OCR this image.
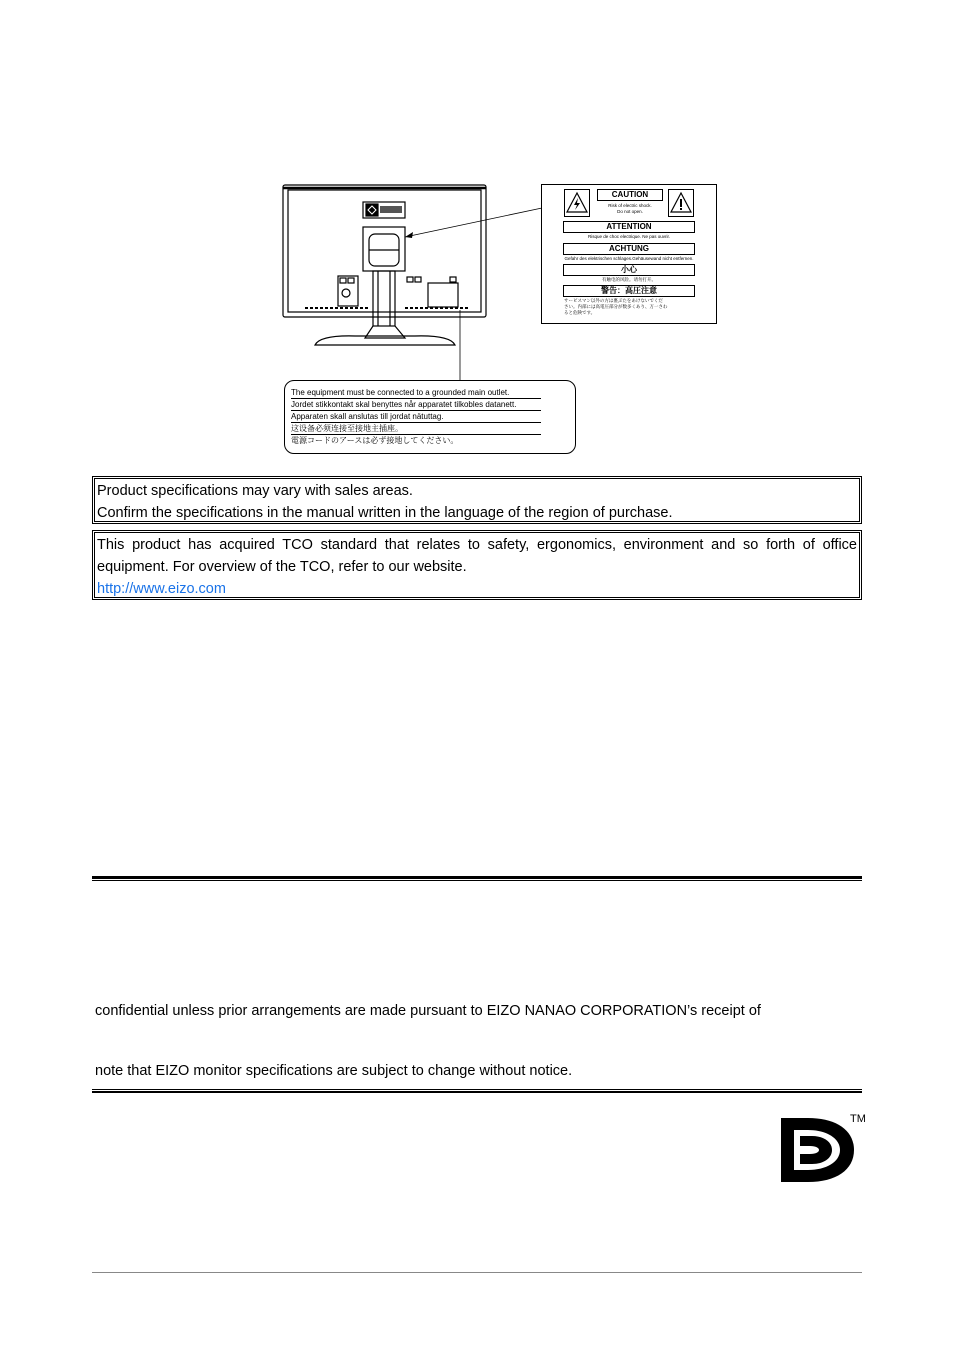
CAUTION
Risk of electric shock.
Do not open.
ATTENTION
Risque de choc electrique. Ne pas ouvrir.
ACHTUNG
Gefahr des elektrischen schlages.Gehäusewand nicht entfernen.
小心
有触电的风险。请勿打开。
警告：高圧注意
サービスマン以外の方は裏ぶたをあけないでくだ
さい。内部には高電圧部分が数多くあり、万一さわ
ると危険です。
The equipment must be connected to a grounded main outlet.
Jordet stikkontakt skal benyttes når apparatet tilkobles datanett.
Apparaten skall anslutas till jordat nätuttag.
这设备必须连接至接地主插座。
電源コードのアースは必ず接地してください。

Product specifications may vary with sales areas.

Confirm the specifications in the manual written in the language of the region of purchase.

This product has acquired TCO standard that relates to safety, ergonomics, environment and so forth of office equipment. For overview of the TCO, refer to our website.

http://www.eizo.com

confidential unless prior arrangements are made pursuant to EIZO NANAO CORPORATION’s receipt of
note that EIZO monitor specifications are subject to change without notice.
TM
